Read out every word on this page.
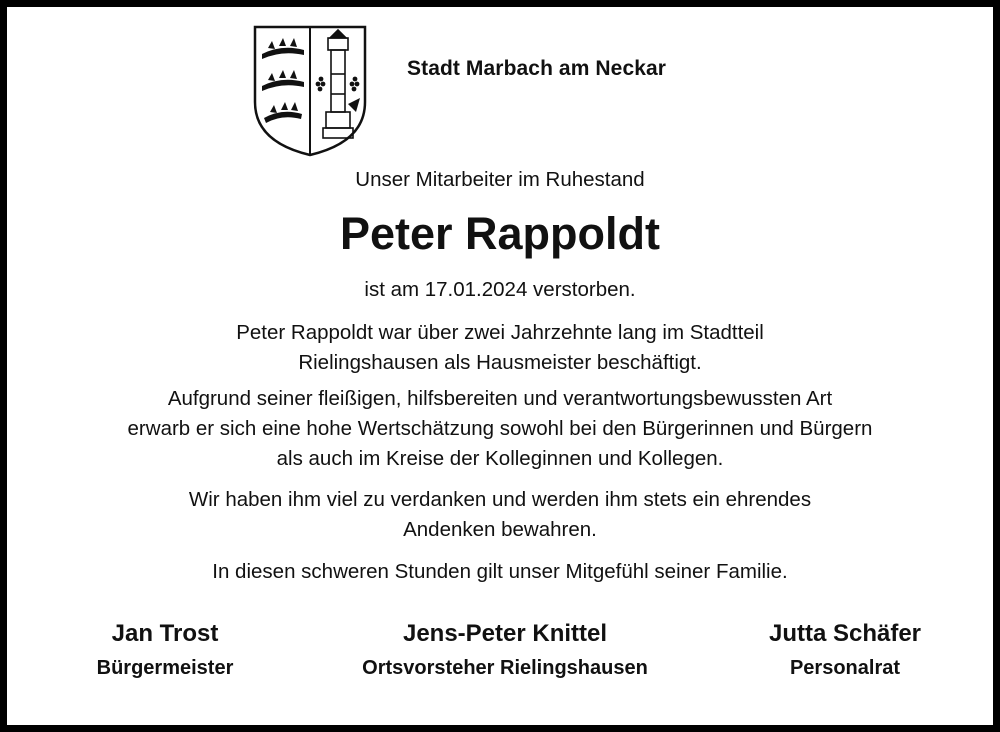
Stadt Marbach am Neckar
Unser Mitarbeiter im Ruhestand
Peter Rappoldt
ist am 17.01.2024 verstorben.

Peter Rappoldt war über zwei Jahrzehnte lang im Stadtteil

Rielingshausen als Hausmeister beschäftigt.

Aufgrund seiner fleißigen, hilfsbereiten und verantwortungsbewussten Art

erwarb er sich eine hohe Wertschätzung sowohl bei den Bürgerinnen und Bürgern

als auch im Kreise der Kolleginnen und Kollegen.

Wir haben ihm viel zu verdanken und werden ihm stets ein ehrendes

Andenken bewahren.

In diesen schweren Stunden gilt unser Mitgefühl seiner Familie.

Jan Trost
Bürgermeister
Jens-Peter Knittel
Ortsvorsteher Rielingshausen
Jutta Schäfer
Personalrat
